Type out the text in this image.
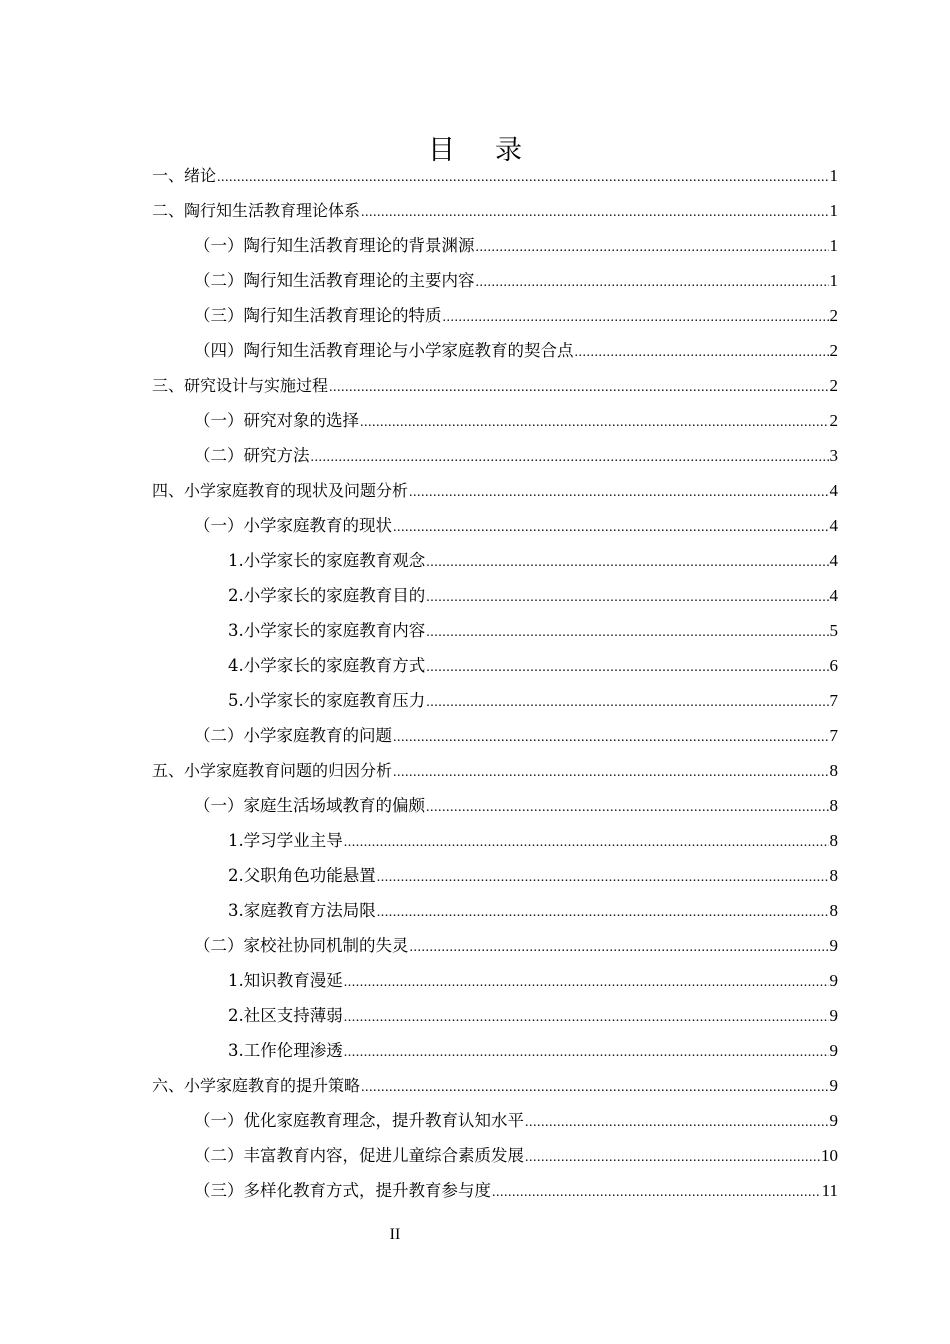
目录
一、绪论 .....	1
二、陶行知生活教育理论体系 .....	1
（一）陶行知生活教育理论的背景渊源 .....	1
（二）陶行知生活教育理论的主要内容 .....	1
（三）陶行知生活教育理论的特质 .....	2
（四）陶行知生活教育理论与小学家庭教育的契合点 .....	2
三、研究设计与实施过程 .....	2
（一）研究对象的选择 .....	2
（二）研究方法 .....	3
四、小学家庭教育的现状及问题分析 .....	4
（一）小学家庭教育的现状 .....	4
1.小学家长的家庭教育观念 .....	4
2.小学家长的家庭教育目的 .....	4
3.小学家长的家庭教育内容 .....	5
4.小学家长的家庭教育方式 .....	6
5.小学家长的家庭教育压力 .....	7
（二）小学家庭教育的问题 .....	7
五、小学家庭教育问题的归因分析 .....	8
（一）家庭生活场域教育的偏颇 .....	8
1.学习学业主导 .....	8
2.父职角色功能悬置 .....	8
3.家庭教育方法局限 .....	8
（二）家校社协同机制的失灵 .....	9
1.知识教育漫延 .....	9
2.社区支持薄弱 .....	9
3.工作伦理渗透 .....	9
六、小学家庭教育的提升策略 .....	9
（一）优化家庭教育理念，提升教育认知水平 .....	9
（二）丰富教育内容，促进儿童综合素质发展 .....	10
（三）多样化教育方式，提升教育参与度 .....	11
II
